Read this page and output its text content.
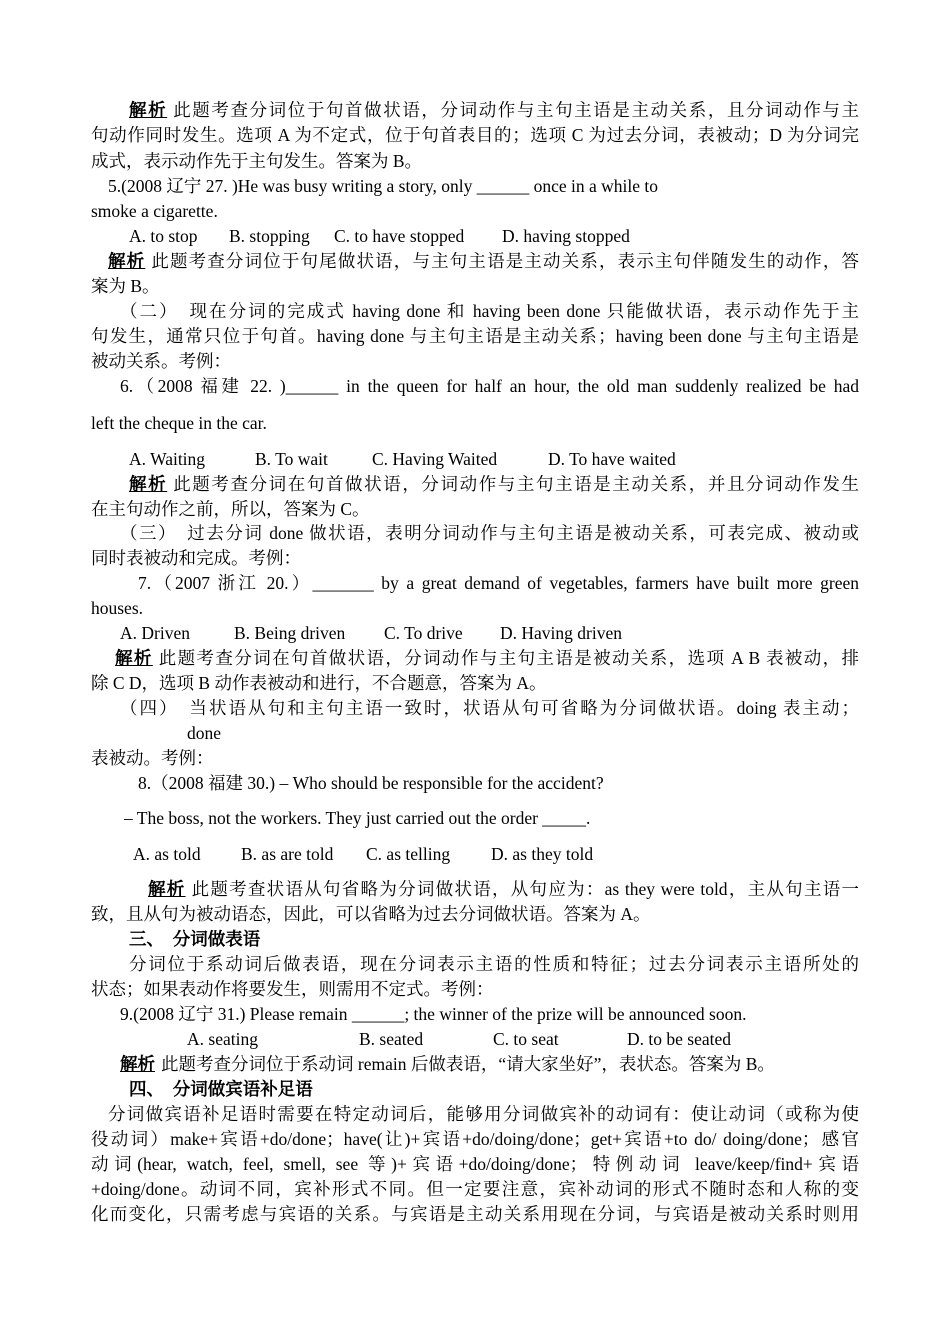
解析 此题考查分词位于句首做状语，分词动作与主句主语是主动关系，且分词动作与主
句动作同时发生。选项 A 为不定式，位于句首表目的；选项 C 为过去分词，表被动；D 为分词完
成式，表示动作先于主句发生。答案为 B。
5.(2008 辽宁 27. )He was busy writing a story, only ______ once in a while to
smoke a cigarette.
A. to stop B. stopping C. to have stopped D. having stopped
解析 此题考查分词位于句尾做状语，与主句主语是主动关系，表示主句伴随发生的动作，答
案为 B。
（二）　现在分词的完成式 having done 和 having been done 只能做状语，表示动作先于主
句发生，通常只位于句首。having done 与主句主语是主动关系；having been done 与主句主语是
被动关系。考例：
6.（2008 福建 22. )______ in the queen for half an hour, the old man suddenly realized be had
left the cheque in the car.
A. Waiting	B. To wait	C. Having Waited	D. To have waited
解析 此题考查分词在句首做状语，分词动作与主句主语是主动关系，并且分词动作发生
在主句动作之前，所以，答案为 C。
（三）　过去分词 done 做状语，表明分词动作与主句主语是被动关系，可表完成、被动或
同时表被动和完成。考例：
7.（2007 浙江 20.）_______ by a great demand of vegetables, farmers have built more green
houses.
A. Driven	B. Being driven C. To drive D. Having driven
解析 此题考查分词在句首做状语，分词动作与主句主语是被动关系，选项 A B 表被动，排
除 C D，选项 B 动作表被动和进行，不合题意，答案为 A。
（四）　当状语从句和主句主语一致时，状语从句可省略为分词做状语。doing 表主动；
done
表被动。考例：
8.（2008 福建 30.) – Who should be responsible for the accident?
– The boss, not the workers. They just carried out the order _____.
A. as told B. as are told C. as telling D. as they told
解析 此题考查状语从句省略为分词做状语，从句应为：as they were told，主从句主语一
致，且从句为被动语态，因此，可以省略为过去分词做状语。答案为 A。
三、　分词做表语
分词位于系动词后做表语，现在分词表示主语的性质和特征；过去分词表示主语所处的
状态；如果表动作将要发生，则需用不定式。考例：
9.(2008 辽宁 31.) Please remain ______; the winner of the prize will be announced soon.
A. seating	B. seated	C. to seat	D. to be seated
解析 此题考查分词位于系动词 remain 后做表语，“请大家坐好”，表状态。答案为 B。
四、　分词做宾语补足语
分词做宾语补足语时需要在特定动词后，能够用分词做宾补的动词有：使让动词（或称为使
役动词）make+宾语+do/done；have(让)+宾语+do/doing/done；get+宾语+to do/ doing/done；感官
动词(hear, watch, feel, smell, see 等)+宾语+do/doing/done；特例动词 leave/keep/find+宾语
+doing/done。动词不同，宾补形式不同。但一定要注意，宾补动词的形式不随时态和人称的变
化而变化，只需考虑与宾语的关系。与宾语是主动关系用现在分词，与宾语是被动关系时则用
